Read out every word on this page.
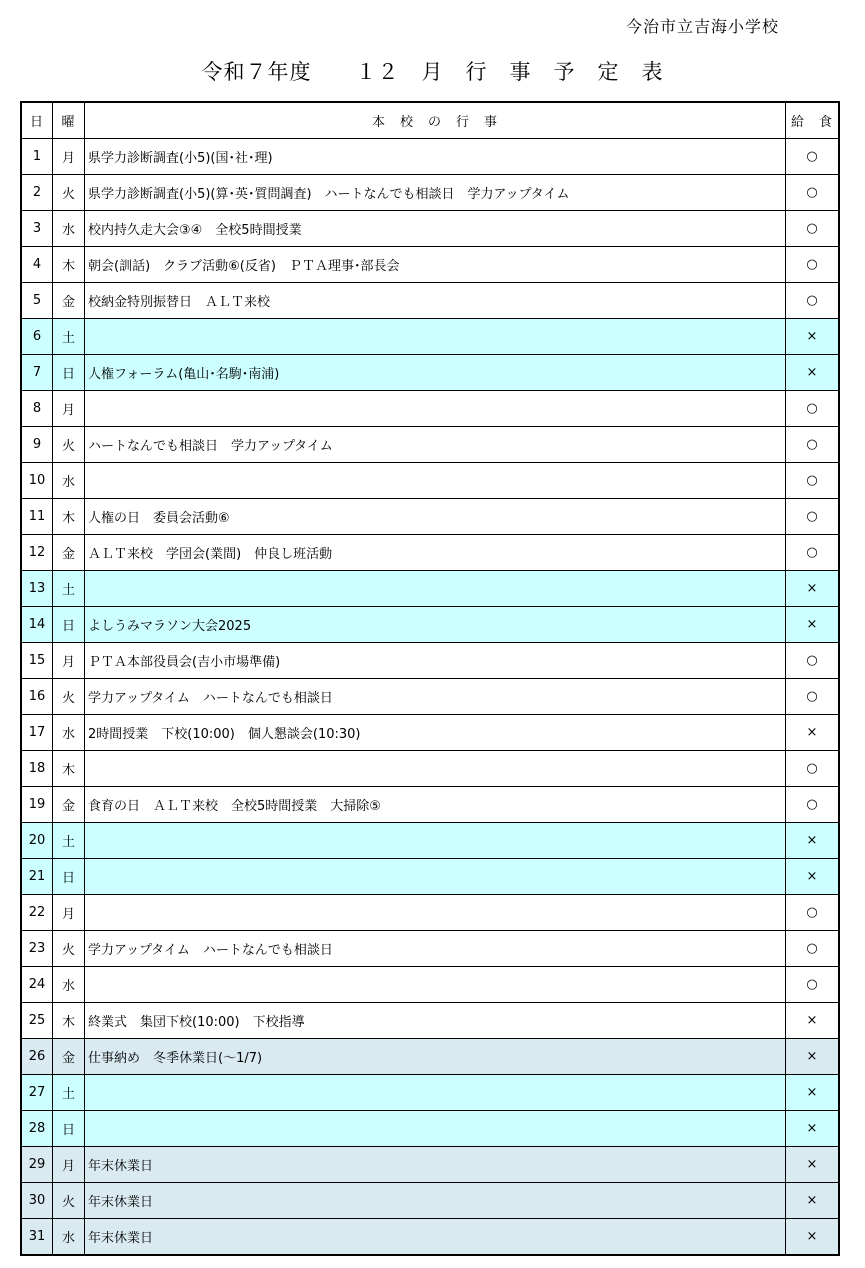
今治市立吉海小学校
令和７年度　　１２　月　行　事　予　定　表
日	曜	本　校　の　行　事	給　食
1	月	県学力診断調査(小5)(国･社･理)	○
2	火	県学力診断調査(小5)(算･英･質問調査)　ハートなんでも相談日　学力アップタイム	○
3	水	校内持久走大会③④　全校5時間授業	○
4	木	朝会(訓話)　クラブ活動⑥(反省)　ＰＴＡ理事･部長会	○
5	金	校納金特別振替日　ＡＬＴ来校	○
6	土		×
7	日	人権フォーラム(亀山･名駒･南浦)	×
8	月		○
9	火	ハートなんでも相談日　学力アップタイム	○
10	水		○
11	木	人権の日　委員会活動⑥	○
12	金	ＡＬＴ来校　学団会(業間)　仲良し班活動	○
13	土		×
14	日	よしうみマラソン大会2025	×
15	月	ＰＴＡ本部役員会(吉小市場準備)	○
16	火	学力アップタイム　ハートなんでも相談日	○
17	水	2時間授業　下校(10:00)　個人懇談会(10:30)	×
18	木		○
19	金	食育の日　ＡＬＴ来校　全校5時間授業　大掃除⑤	○
20	土		×
21	日		×
22	月		○
23	火	学力アップタイム　ハートなんでも相談日	○
24	水		○
25	木	終業式　集団下校(10:00)　下校指導	×
26	金	仕事納め　冬季休業日(～1/7)	×
27	土		×
28	日		×
29	月	年末休業日	×
30	火	年末休業日	×
31	水	年末休業日	×
